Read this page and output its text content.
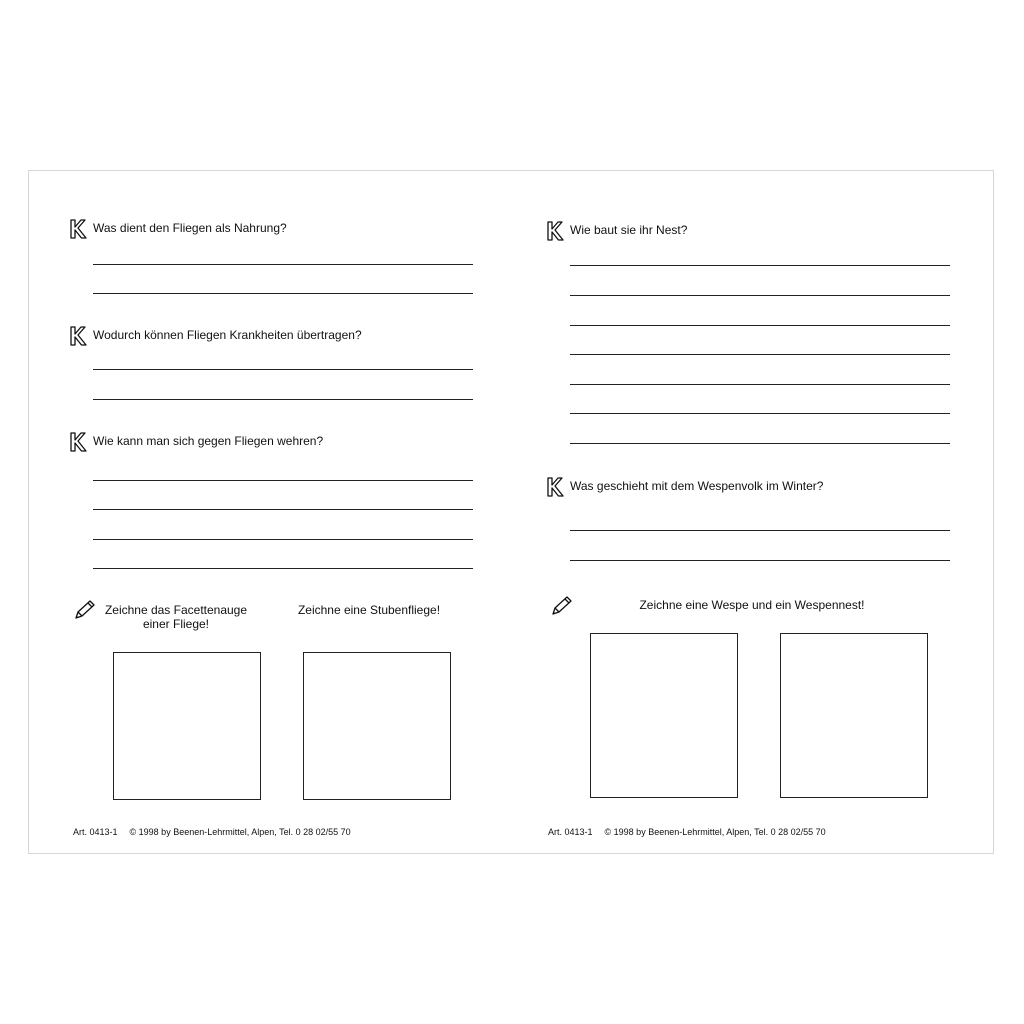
Was dient den Fliegen als Nahrung?
Wodurch können Fliegen Krankheiten übertragen?
Wie kann man sich gegen Fliegen wehren?
Zeichne das Facettenauge einer Fliege!
Zeichne eine Stubenfliege!
Art. 0413-1 © 1998 by Beenen-Lehrmittel, Alpen, Tel. 0 28 02/55 70
Wie baut sie ihr Nest?
Was geschieht mit dem Wespenvolk im Winter?
Zeichne eine Wespe und ein Wespennest!
Art. 0413-1 © 1998 by Beenen-Lehrmittel, Alpen, Tel. 0 28 02/55 70
